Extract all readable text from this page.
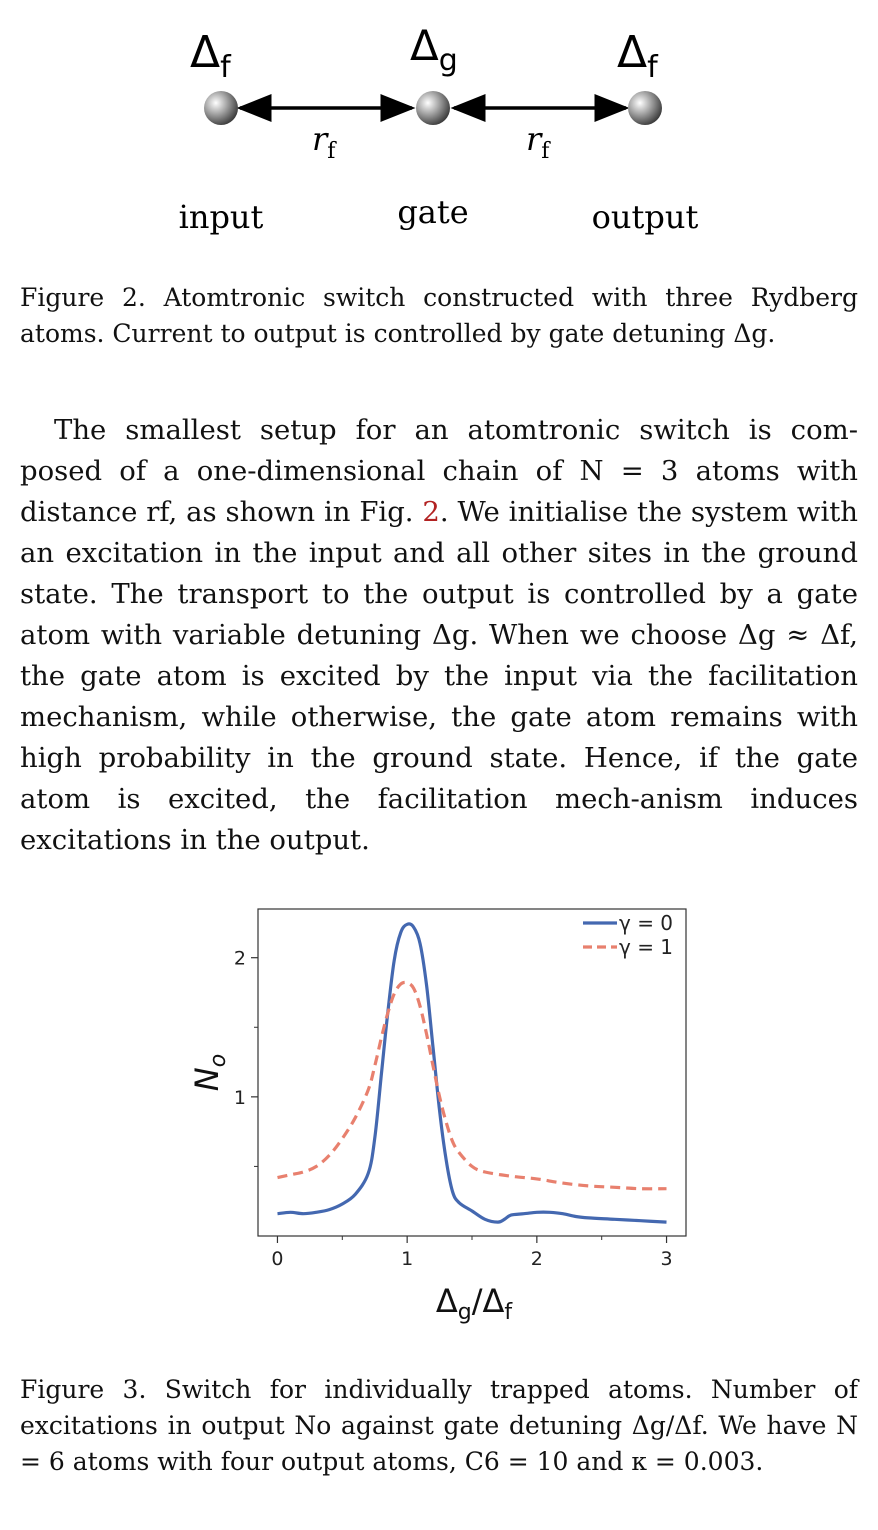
$\Delta_f$	$\Delta_g$	$\Delta_f$
$r_f$	$r_f$
input	gate	output
Figure 2. Atomtronic switch constructed with three Rydberg atoms. Current to output is controlled by gate detuning Δg.

The smallest setup for an atomtronic switch is com-posed of a one-dimensional chain of N = 3 atoms with distance rf, as shown in Fig. 2. We initialise the system with an excitation in the input and all other sites in the ground state. The transport to the output is controlled by a gate atom with variable detuning Δg. When we choose Δg ≈ Δf, the gate atom is excited by the input via the facilitation mechanism, while otherwise, the gate atom remains with high probability in the ground state. Hence, if the gate atom is excited, the facilitation mech-anism induces excitations in the output.

0	1	2	3
1
2
$\Delta_g/\Delta_f$
$N_o$
γ = 0
γ = 1
Figure 3. Switch for individually trapped atoms. Number of excitations in output No against gate detuning Δg/Δf. We have N = 6 atoms with four output atoms, C6 = 10 and κ = 0.003.
